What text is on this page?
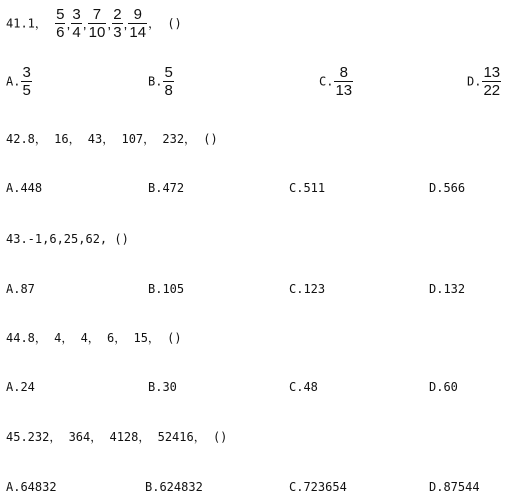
41.1， $\frac{5}{6}$ , $\frac{3}{4}$ , $\frac{7}{10}$ , $\frac{2}{3}$ , $\frac{9}{14}$ ， ()
A. $\frac{3}{5}$	B. $\frac{5}{8}$	C. $\frac{8}{13}$	D. $\frac{13}{22}$
42.8， 16， 43， 107， 232， ()
A.448	B.472	C.511	D.566
43.-1,6,25,62, ()
A.87	B.105	C.123	D.132
44.8， 4， 4， 6， 15， ()
A.24	B.30	C.48	D.60
45.232， 364， 4128， 52416， ()
A.64832	B.624832	C.723654	D.87544
